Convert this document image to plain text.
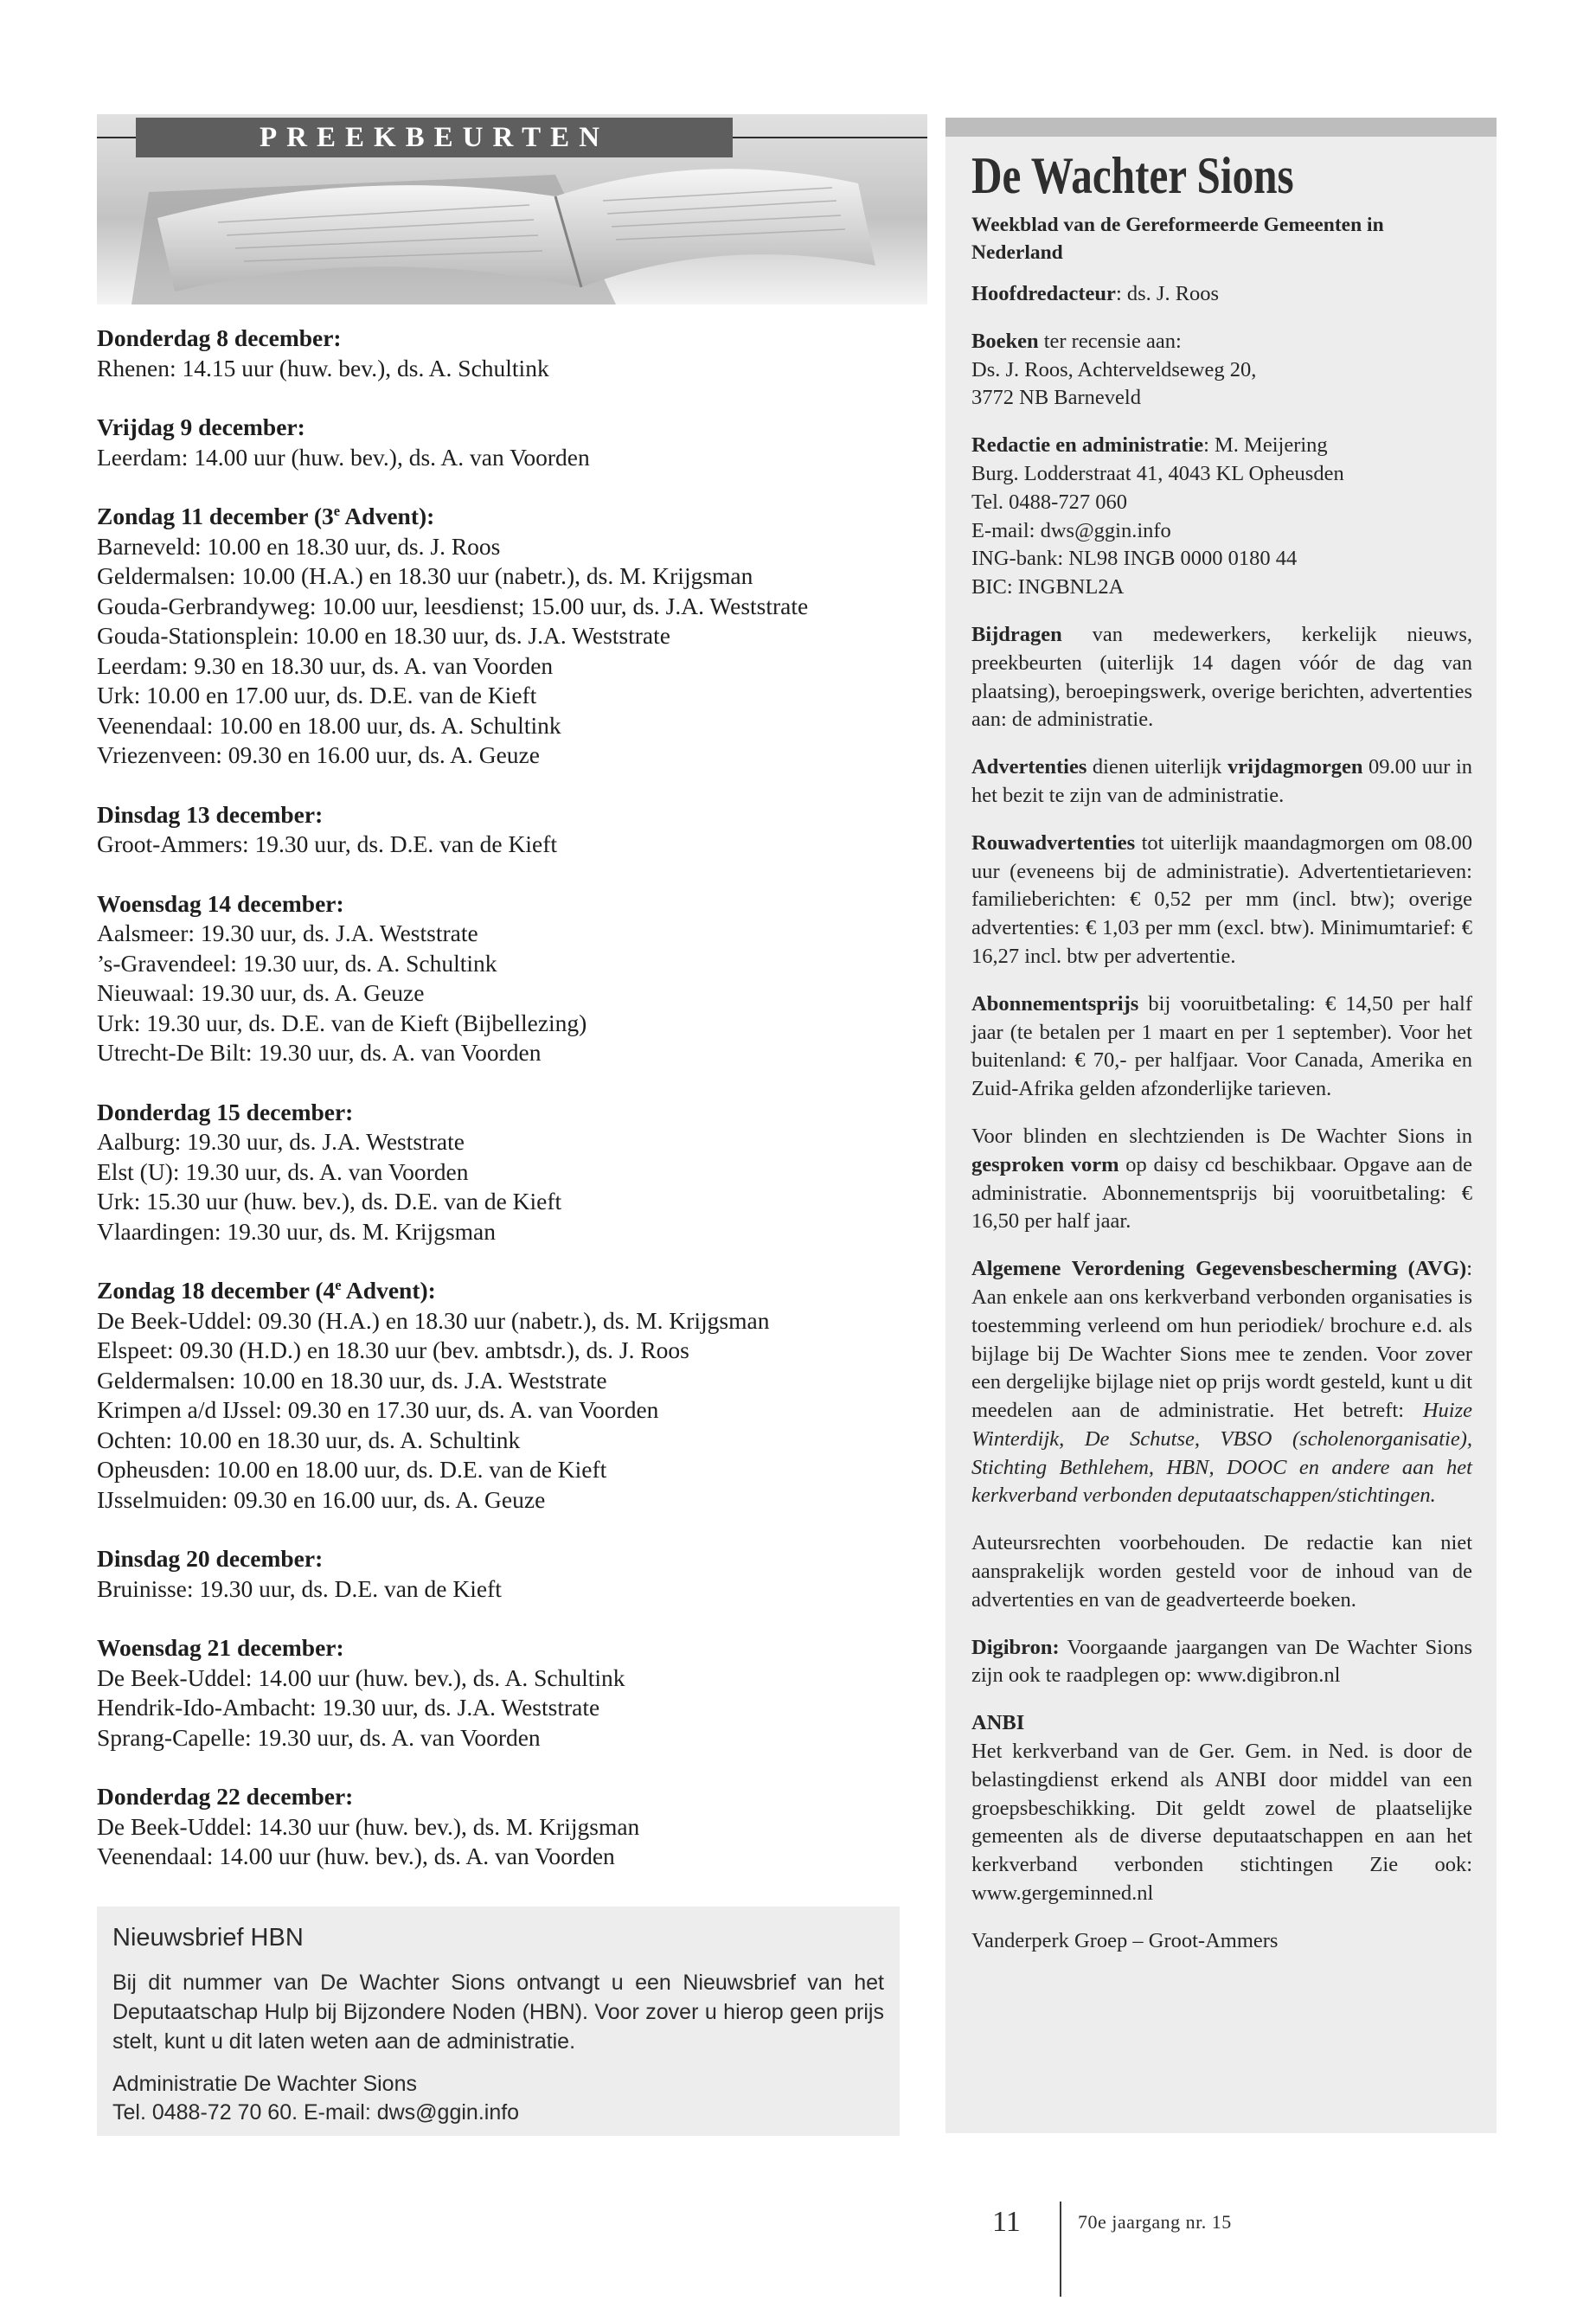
PREEKBEURTEN
Donderdag 8 december:
Rhenen: 14.15 uur (huw. bev.), ds. A. Schultink
Vrijdag 9 december:
Leerdam: 14.00 uur (huw. bev.), ds. A. van Voorden
Zondag 11 december (3e Advent):
Barneveld: 10.00 en 18.30 uur, ds. J. Roos
Geldermalsen: 10.00 (H.A.) en 18.30 uur (nabetr.), ds. M. Krijgsman
Gouda-Gerbrandyweg: 10.00 uur, leesdienst; 15.00 uur, ds. J.A. Weststrate
Gouda-Stationsplein: 10.00 en 18.30 uur, ds. J.A. Weststrate
Leerdam: 9.30 en 18.30 uur, ds. A. van Voorden
Urk: 10.00 en 17.00 uur, ds. D.E. van de Kieft
Veenendaal: 10.00 en 18.00 uur, ds. A. Schultink
Vriezenveen: 09.30 en 16.00 uur, ds. A. Geuze
Dinsdag 13 december:
Groot-Ammers: 19.30 uur, ds. D.E. van de Kieft
Woensdag 14 december:
Aalsmeer: 19.30 uur, ds. J.A. Weststrate
’s-Gravendeel: 19.30 uur, ds. A. Schultink
Nieuwaal: 19.30 uur, ds. A. Geuze
Urk: 19.30 uur, ds. D.E. van de Kieft (Bijbellezing)
Utrecht-De Bilt: 19.30 uur, ds. A. van Voorden
Donderdag 15 december:
Aalburg: 19.30 uur, ds. J.A. Weststrate
Elst (U): 19.30 uur, ds. A. van Voorden
Urk: 15.30 uur (huw. bev.), ds. D.E. van de Kieft
Vlaardingen: 19.30 uur, ds. M. Krijgsman
Zondag 18 december (4e Advent):
De Beek-Uddel: 09.30 (H.A.) en 18.30 uur (nabetr.), ds. M. Krijgsman
Elspeet: 09.30 (H.D.) en 18.30 uur (bev. ambtsdr.), ds. J. Roos
Geldermalsen: 10.00 en 18.30 uur, ds. J.A. Weststrate
Krimpen a/d IJssel: 09.30 en 17.30 uur, ds. A. van Voorden
Ochten: 10.00 en 18.30 uur, ds. A. Schultink
Opheusden: 10.00 en 18.00 uur, ds. D.E. van de Kieft
IJsselmuiden: 09.30 en 16.00 uur, ds. A. Geuze
Dinsdag 20 december:
Bruinisse: 19.30 uur, ds. D.E. van de Kieft
Woensdag 21 december:
De Beek-Uddel: 14.00 uur (huw. bev.), ds. A. Schultink
Hendrik-Ido-Ambacht: 19.30 uur, ds. J.A. Weststrate
Sprang-Capelle: 19.30 uur, ds. A. van Voorden
Donderdag 22 december:
De Beek-Uddel: 14.30 uur (huw. bev.), ds. M. Krijgsman
Veenendaal: 14.00 uur (huw. bev.), ds. A. van Voorden
Nieuwsbrief HBN
Bij dit nummer van De Wachter Sions ontvangt u een Nieuwsbrief van het Deputaatschap Hulp bij Bijzondere Noden (HBN). Voor zover u hierop geen prijs stelt, kunt u dit laten weten aan de administratie.
Administratie De Wachter Sions
Tel. 0488-72 70 60. E-mail: dws@ggin.info
De Wachter Sions
Weekblad van de Gereformeerde Gemeenten in Nederland
Hoofdredacteur: ds. J. Roos
Boeken ter recensie aan:
Ds. J. Roos, Achterveldseweg 20,
3772 NB Barneveld
Redactie en administratie: M. Meijering
Burg. Lodderstraat 41, 4043 KL Opheusden
Tel. 0488-727 060
E-mail: dws@ggin.info
ING-bank: NL98 INGB 0000 0180 44
BIC: INGBNL2A
Bijdragen van medewerkers, kerkelijk nieuws, preekbeurten (uiterlijk 14 dagen vóór de dag van plaatsing), beroepingswerk, overige berichten, advertenties aan: de administratie.
Advertenties dienen uiterlijk vrijdagmorgen 09.00 uur in het bezit te zijn van de administratie.
Rouwadvertenties tot uiterlijk maandagmorgen om 08.00 uur (eveneens bij de administratie). Advertentietarieven: familieberichten: € 0,52 per mm (incl. btw); overige advertenties: € 1,03 per mm (excl. btw). Minimumtarief: € 16,27 incl. btw per advertentie.
Abonnementsprijs bij vooruitbetaling: € 14,50 per half jaar (te betalen per 1 maart en per 1 september). Voor het buitenland: € 70,- per halfjaar. Voor Canada, Amerika en Zuid-Afrika gelden afzonderlijke tarieven.
Voor blinden en slechtzienden is De Wachter Sions in gesproken vorm op daisy cd beschikbaar. Opgave aan de administratie. Abonnementsprijs bij vooruitbetaling: € 16,50 per half jaar.
Algemene Verordening Gegevensbescherming (AVG): Aan enkele aan ons kerkverband verbonden organisaties is toestemming verleend om hun periodiek/ brochure e.d. als bijlage bij De Wachter Sions mee te zenden. Voor zover een dergelijke bijlage niet op prijs wordt gesteld, kunt u dit meedelen aan de administratie. Het betreft: Huize Winterdijk, De Schutse, VBSO (scholenorganisatie), Stichting Bethlehem, HBN, DOOC en andere aan het kerkverband verbonden deputaatschappen/stichtingen.
Auteursrechten voorbehouden. De redactie kan niet aansprakelijk worden gesteld voor de inhoud van de advertenties en van de geadverteerde boeken.
Digibron: Voorgaande jaargangen van De Wachter Sions zijn ook te raadplegen op: www.digibron.nl
ANBI
Het kerkverband van de Ger. Gem. in Ned. is door de belastingdienst erkend als ANBI door middel van een groepsbeschikking. Dit geldt zowel de plaatselijke gemeenten als de diverse deputaatschappen en aan het kerkverband verbonden stichtingen Zie ook: www.gergeminned.nl
Vanderperk Groep – Groot-Ammers
11	70e jaargang nr. 15
